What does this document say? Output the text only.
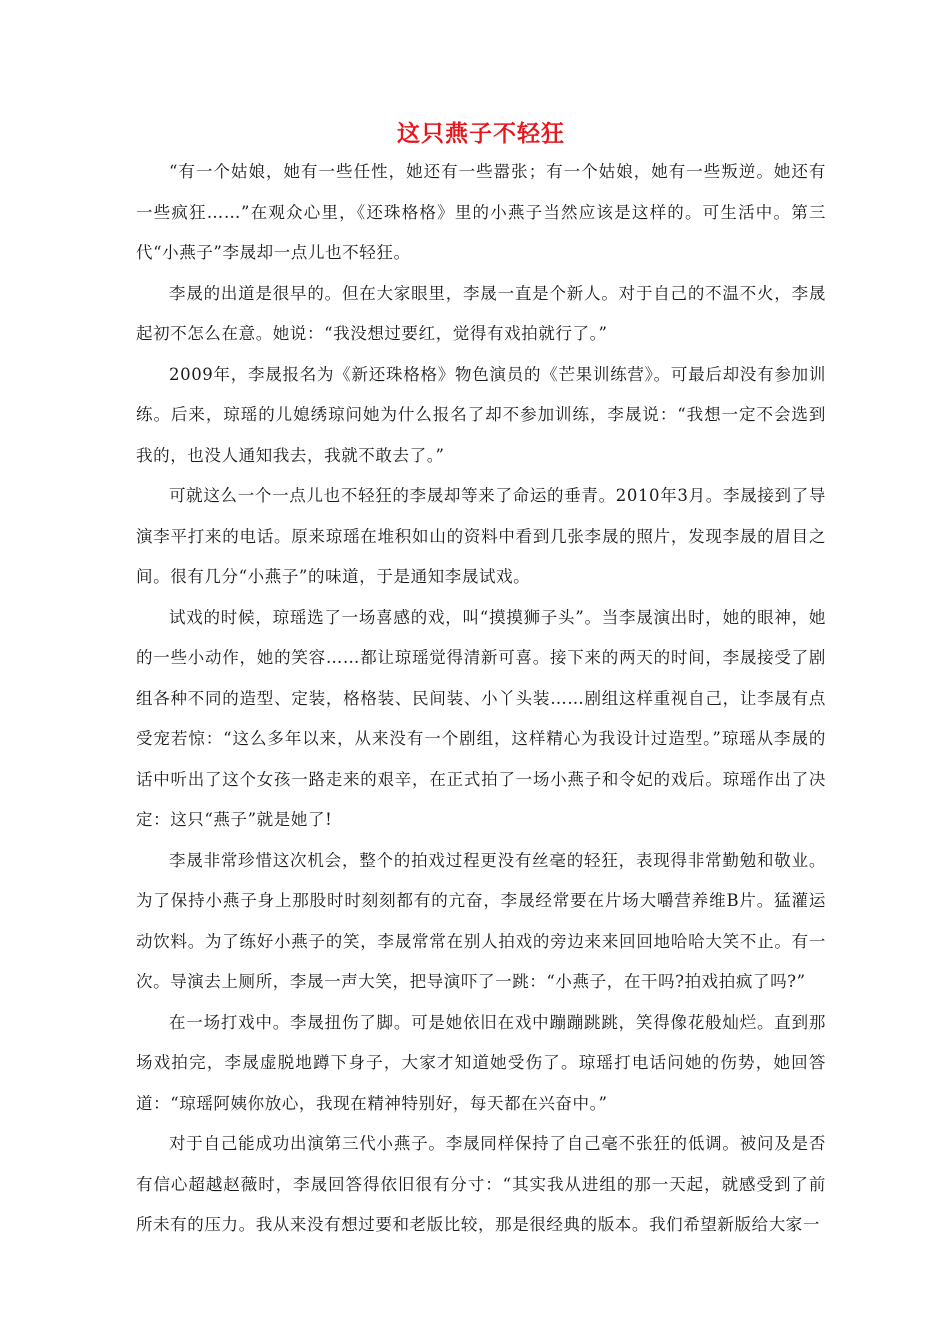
这只燕子不轻狂

“有一个姑娘，她有一些任性，她还有一些嚣张；有一个姑娘，她有一些叛逆。她还有一些疯狂……”在观众心里，《还珠格格》里的小燕子当然应该是这样的。可生活中。第三代“小燕子”李晟却一点儿也不轻狂。

李晟的出道是很早的。但在大家眼里，李晟一直是个新人。对于自己的不温不火，李晟起初不怎么在意。她说：“我没想过要红，觉得有戏拍就行了。”

2009年，李晟报名为《新还珠格格》物色演员的《芒果训练营》。可最后却没有参加训练。后来，琼瑶的儿媳绣琼问她为什么报名了却不参加训练，李晟说：“我想一定不会选到我的，也没人通知我去，我就不敢去了。”

可就这么一个一点儿也不轻狂的李晟却等来了命运的垂青。2010年3月。李晟接到了导演李平打来的电话。原来琼瑶在堆积如山的资料中看到几张李晟的照片，发现李晟的眉目之间。很有几分“小燕子”的味道，于是通知李晟试戏。

试戏的时候，琼瑶选了一场喜感的戏，叫“摸摸狮子头”。当李晟演出时，她的眼神，她的一些小动作，她的笑容……都让琼瑶觉得清新可喜。接下来的两天的时间，李晟接受了剧组各种不同的造型、定装，格格装、民间装、小丫头装……剧组这样重视自己，让李晟有点受宠若惊：“这么多年以来，从来没有一个剧组，这样精心为我设计过造型。”琼瑶从李晟的话中听出了这个女孩一路走来的艰辛，在正式拍了一场小燕子和令妃的戏后。琼瑶作出了决定：这只“燕子”就是她了!

李晟非常珍惜这次机会，整个的拍戏过程更没有丝毫的轻狂，表现得非常勤勉和敬业。为了保持小燕子身上那股时时刻刻都有的亢奋，李晟经常要在片场大嚼营养维B片。猛灌运动饮料。为了练好小燕子的笑，李晟常常在别人拍戏的旁边来来回回地哈哈大笑不止。有一次。导演去上厕所，李晟一声大笑，把导演吓了一跳：“小燕子，在干吗?拍戏拍疯了吗?”

在一场打戏中。李晟扭伤了脚。可是她依旧在戏中蹦蹦跳跳，笑得像花般灿烂。直到那场戏拍完，李晟虚脱地蹲下身子，大家才知道她受伤了。琼瑶打电话问她的伤势，她回答道：“琼瑶阿姨你放心，我现在精神特别好，每天都在兴奋中。”

对于自己能成功出演第三代小燕子。李晟同样保持了自己毫不张狂的低调。被问及是否有信心超越赵薇时，李晟回答得依旧很有分寸：“其实我从进组的那一天起，就感受到了前所未有的压力。我从来没有想过要和老版比较，那是很经典的版本。我们希望新版给大家一
